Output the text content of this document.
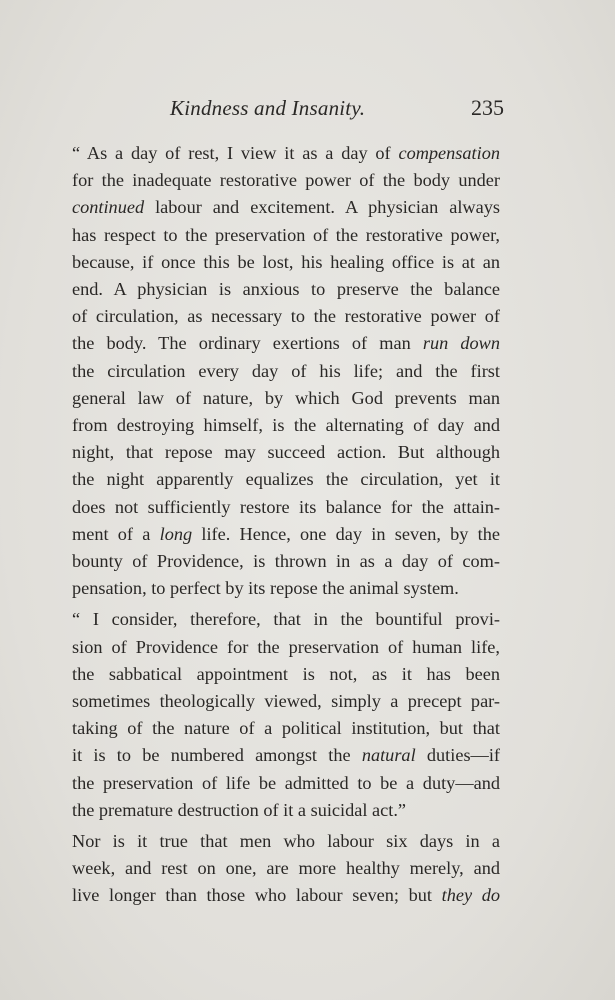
Kindness and Insanity.	235
“ As a day of rest, I view it as a day of compensation
for the inadequate restorative power of the body under
continued labour and excitement. A physician always
has respect to the preservation of the restorative power,
because, if once this be lost, his healing office is at an
end. A physician is anxious to preserve the balance
of circulation, as necessary to the restorative power of
the body. The ordinary exertions of man run down
the circulation every day of his life; and the first
general law of nature, by which God prevents man
from destroying himself, is the alternating of day and
night, that repose may succeed action. But although
the night apparently equalizes the circulation, yet it
does not sufficiently restore its balance for the attain-
ment of a long life. Hence, one day in seven, by the
bounty of Providence, is thrown in as a day of com-
pensation, to perfect by its repose the animal system.
“ I consider, therefore, that in the bountiful provi-
sion of Providence for the preservation of human life,
the sabbatical appointment is not, as it has been
sometimes theologically viewed, simply a precept par-
taking of the nature of a political institution, but that
it is to be numbered amongst the natural duties—if
the preservation of life be admitted to be a duty—and
the premature destruction of it a suicidal act.”
Nor is it true that men who labour six days in a
week, and rest on one, are more healthy merely, and
live longer than those who labour seven; but they do
